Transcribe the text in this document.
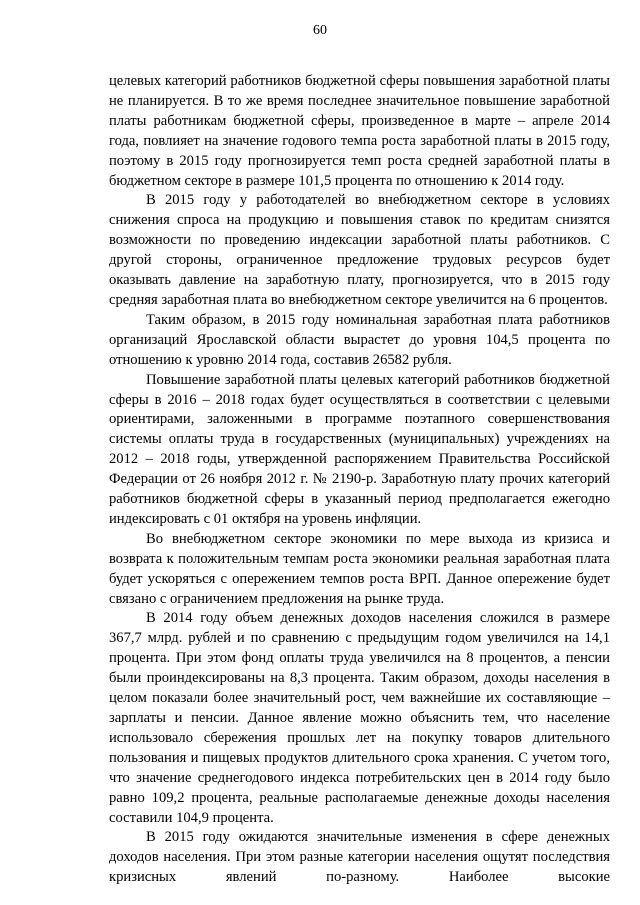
60

целевых категорий работников бюджетной сферы повышения заработной платы не планируется. В то же время последнее значительное повышение заработной платы работникам бюджетной сферы, произведенное в марте – апреле 2014 года, повлияет на значение годового темпа роста заработной платы в 2015 году, поэтому в 2015 году прогнозируется темп роста средней заработной платы в бюджетном секторе в размере 101,5 процента по отношению к 2014 году.

В 2015 году у работодателей во внебюджетном секторе в условиях снижения спроса на продукцию и повышения ставок по кредитам снизятся возможности по проведению индексации заработной платы работников. С другой стороны, ограниченное предложение трудовых ресурсов будет оказывать давление на заработную плату, прогнозируется, что в 2015 году средняя заработная плата во внебюджетном секторе увеличится на 6 процентов.

Таким образом, в 2015 году номинальная заработная плата работников организаций Ярославской области вырастет до уровня 104,5 процента по отношению к уровню 2014 года, составив 26582 рубля.

Повышение заработной платы целевых категорий работников бюджетной сферы в 2016 – 2018 годах будет осуществляться в соответствии с целевыми ориентирами, заложенными в программе поэтапного совершенствования системы оплаты труда в государственных (муниципальных) учреждениях на 2012 – 2018 годы, утвержденной распоряжением Правительства Российской Федерации от 26 ноября 2012 г. № 2190-р. Заработную плату прочих категорий работников бюджетной сферы в указанный период предполагается ежегодно индексировать с 01 октября на уровень инфляции.

Во внебюджетном секторе экономики по мере выхода из кризиса и возврата к положительным темпам роста экономики реальная заработная плата будет ускоряться с опережением темпов роста ВРП. Данное опережение будет связано с ограничением предложения на рынке труда.

В 2014 году объем денежных доходов населения сложился в размере 367,7 млрд. рублей и по сравнению с предыдущим годом увеличился на 14,1 процента. При этом фонд оплаты труда увеличился на 8 процентов, а пенсии были проиндексированы на 8,3 процента. Таким образом, доходы населения в целом показали более значительный рост, чем важнейшие их составляющие – зарплаты и пенсии. Данное явление можно объяснить тем, что население использовало сбережения прошлых лет на покупку товаров длительного пользования и пищевых продуктов длительного срока хранения. С учетом того, что значение среднегодового индекса потребительских цен в 2014 году было равно 109,2 процента, реальные располагаемые денежные доходы населения составили 104,9 процента.

В 2015 году ожидаются значительные изменения в сфере денежных доходов населения. При этом разные категории населения ощутят последствия кризисных явлений по-разному. Наиболее высокие
